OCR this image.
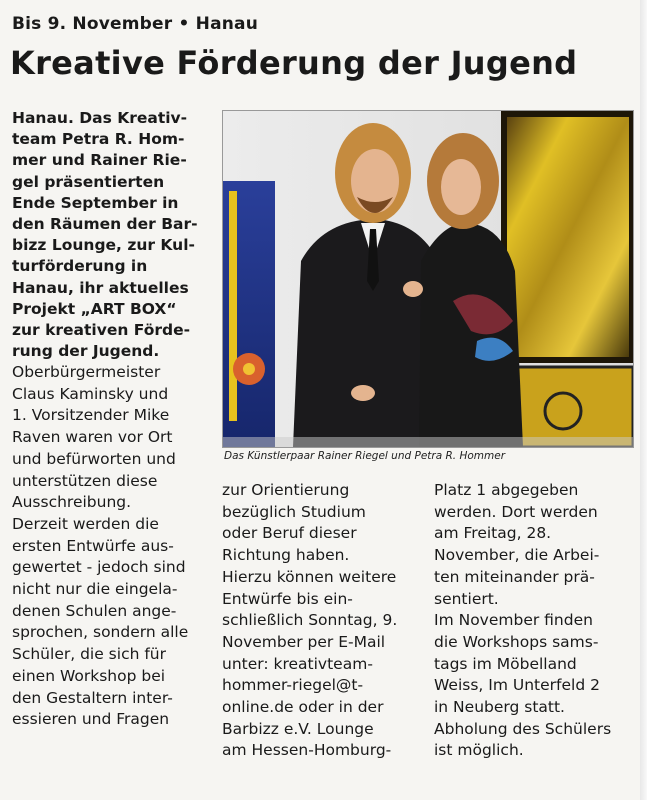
Bis 9. November • Hanau
Kreative Förderung der Jugend
Hanau. Das Kreativ-
team Petra R. Hom-
mer und Rainer Rie-
gel präsentierten
Ende September in
den Räumen der Bar-
bizz Lounge, zur Kul-
turförderung in
Hanau, ihr aktuelles
Projekt „ART BOX“
zur kreativen Förde-
rung der Jugend.
Das Künstlerpaar Rainer Riegel und Petra R. Hommer
Oberbürgermeister
Claus Kaminsky und
1. Vorsitzender Mike
Raven waren vor Ort
und befürworten und
unterstützen diese
Ausschreibung.
Derzeit werden die
ersten Entwürfe aus-
gewertet - jedoch sind
nicht nur die eingela-
denen Schulen ange-
sprochen, sondern alle
Schüler, die sich für
einen Workshop bei
den Gestaltern inter-
essieren und Fragen
zur Orientierung
bezüglich Studium
oder Beruf dieser
Richtung haben.
Hierzu können weitere
Entwürfe bis ein-
schließlich Sonntag, 9.
November per E-Mail
unter: kreativteam-
hommer-riegel@t-
online.de oder in der
Barbizz e.V. Lounge
am Hessen-Homburg-
Platz 1 abgegeben
werden. Dort werden
am Freitag, 28.
November, die Arbei-
ten miteinander prä-
sentiert.
Im November finden
die Workshops sams-
tags im Möbelland
Weiss, Im Unterfeld 2
in Neuberg statt.
Abholung des Schülers
ist möglich.
